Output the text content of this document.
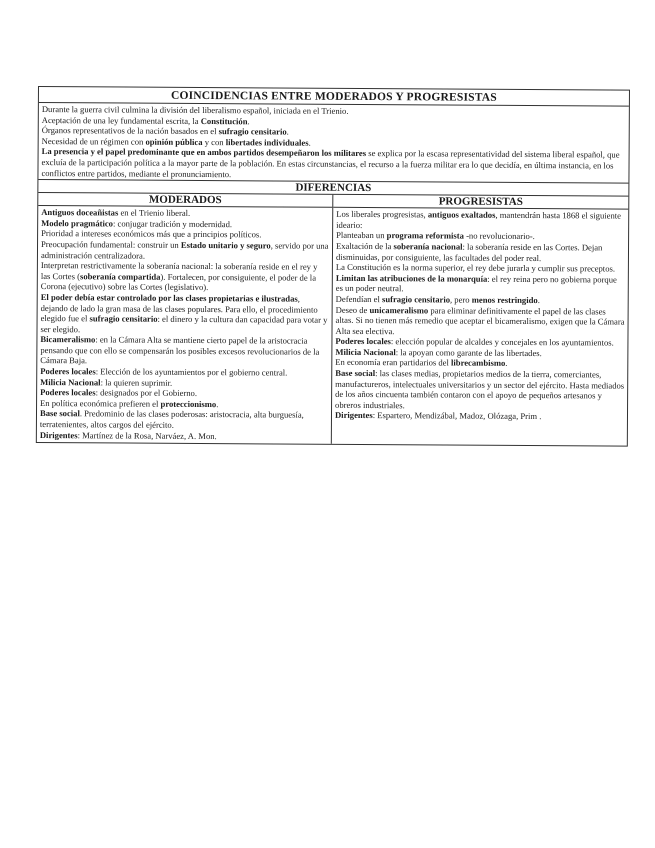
COINCIDENCIAS ENTRE MODERADOS Y PROGRESISTAS

Durante la guerra civil culmina la división del liberalismo español, iniciada en el Trienio.

Aceptación de una ley fundamental escrita, la Constitución.

Órganos representativos de la nación basados en el sufragio censitario.

Necesidad de un régimen con opinión pública y con libertades individuales.

La presencia y el papel predominante que en ambos partidos desempeñaron los militares se explica por la escasa representatividad del sistema liberal español, que excluía de la participación política a la mayor parte de la población. En estas circunstancias, el recurso a la fuerza militar era lo que decidía, en última instancia, en los conflictos entre partidos, mediante el pronunciamiento.

DIFERENCIAS
MODERADOS

Antiguos doceañistas en el Trienio liberal.

Modelo pragmático: conjugar tradición y modernidad.

Prioridad a intereses económicos más que a principios políticos.

Preocupación fundamental: construir un Estado unitario y seguro, servido por una administración centralizadora.

Interpretan restrictivamente la soberanía nacional: la soberanía reside en el rey y las Cortes (soberanía compartida). Fortalecen, por consiguiente, el poder de la Corona (ejecutivo) sobre las Cortes (legislativo).

El poder debía estar controlado por las clases propietarias e ilustradas, dejando de lado la gran masa de las clases populares. Para ello, el procedimiento elegido fue el sufragio censitario: el dinero y la cultura dan capacidad para votar y ser elegido.

Bicameralismo: en la Cámara Alta se mantiene cierto papel de la aristocracia pensando que con ello se compensarán los posibles excesos revolucionarios de la Cámara Baja.

Poderes locales: Elección de los ayuntamientos por el gobierno central.

Milicia Nacional: la quieren suprimir.

Poderes locales: designados por el Gobierno.

En política económica prefieren el proteccionismo.

Base social. Predominio de las clases poderosas: aristocracia, alta burguesía, terratenientes, altos cargos del ejército.

Dirigentes: Martínez de la Rosa, Narváez, A. Mon.

PROGRESISTAS

Los liberales progresistas, antiguos exaltados, mantendrán hasta 1868 el siguiente ideario:

Planteaban un programa reformista -no revolucionario-.

Exaltación de la soberanía nacional: la soberanía reside en las Cortes. Dejan disminuidas, por consiguiente, las facultades del poder real.

La Constitución es la norma superior, el rey debe jurarla y cumplir sus preceptos.

Limitan las atribuciones de la monarquía: el rey reina pero no gobierna porque es un poder neutral.

Defendían el sufragio censitario, pero menos restringido.

Deseo de unicameralismo para eliminar definitivamente el papel de las clases altas. Si no tienen más remedio que aceptar el bicameralismo, exigen que la Cámara Alta sea electiva.

Poderes locales: elección popular de alcaldes y concejales en los ayuntamientos.

Milicia Nacional: la apoyan como garante de las libertades.

En economía eran partidarios del librecambismo.

Base social: las clases medias, propietarios medios de la tierra, comerciantes, manufactureros, intelectuales universitarios y un sector del ejército. Hasta mediados de los años cincuenta también contaron con el apoyo de pequeños artesanos y obreros industriales.

Dirigentes: Espartero, Mendizábal, Madoz, Olózaga, Prim .
